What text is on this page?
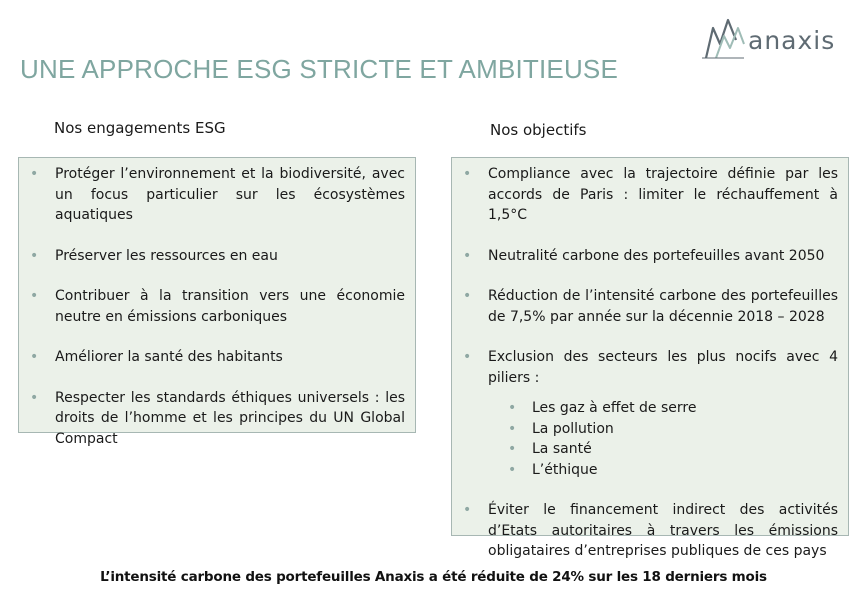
anaxis
UNE APPROCHE ESG STRICTE ET AMBITIEUSE
Nos engagements ESG	Nos objectifs
• Protéger l’environnement et la biodiversité, avec un focus particulier sur les écosystèmes aquatiques
• Préserver les ressources en eau
• Contribuer à la transition vers une économie neutre en émissions carboniques
• Améliorer la santé des habitants
• Respecter les standards éthiques universels : les droits de l’homme et les principes du UN Global Compact
• Compliance avec la trajectoire définie par les accords de Paris : limiter le réchauffement à 1,5°C
• Neutralité carbone des portefeuilles avant 2050
• Réduction de l’intensité carbone des portefeuilles de 7,5% par année sur la décennie 2018 – 2028
• Exclusion des secteurs les plus nocifs avec 4 piliers :
• Les gaz à effet de serre
• La pollution
• La santé
• L’éthique
• Éviter le financement indirect des activités d’Etats autoritaires à travers les émissions obligataires d’entreprises publiques de ces pays
L’intensité carbone des portefeuilles Anaxis a été réduite de 24% sur les 18 derniers mois
